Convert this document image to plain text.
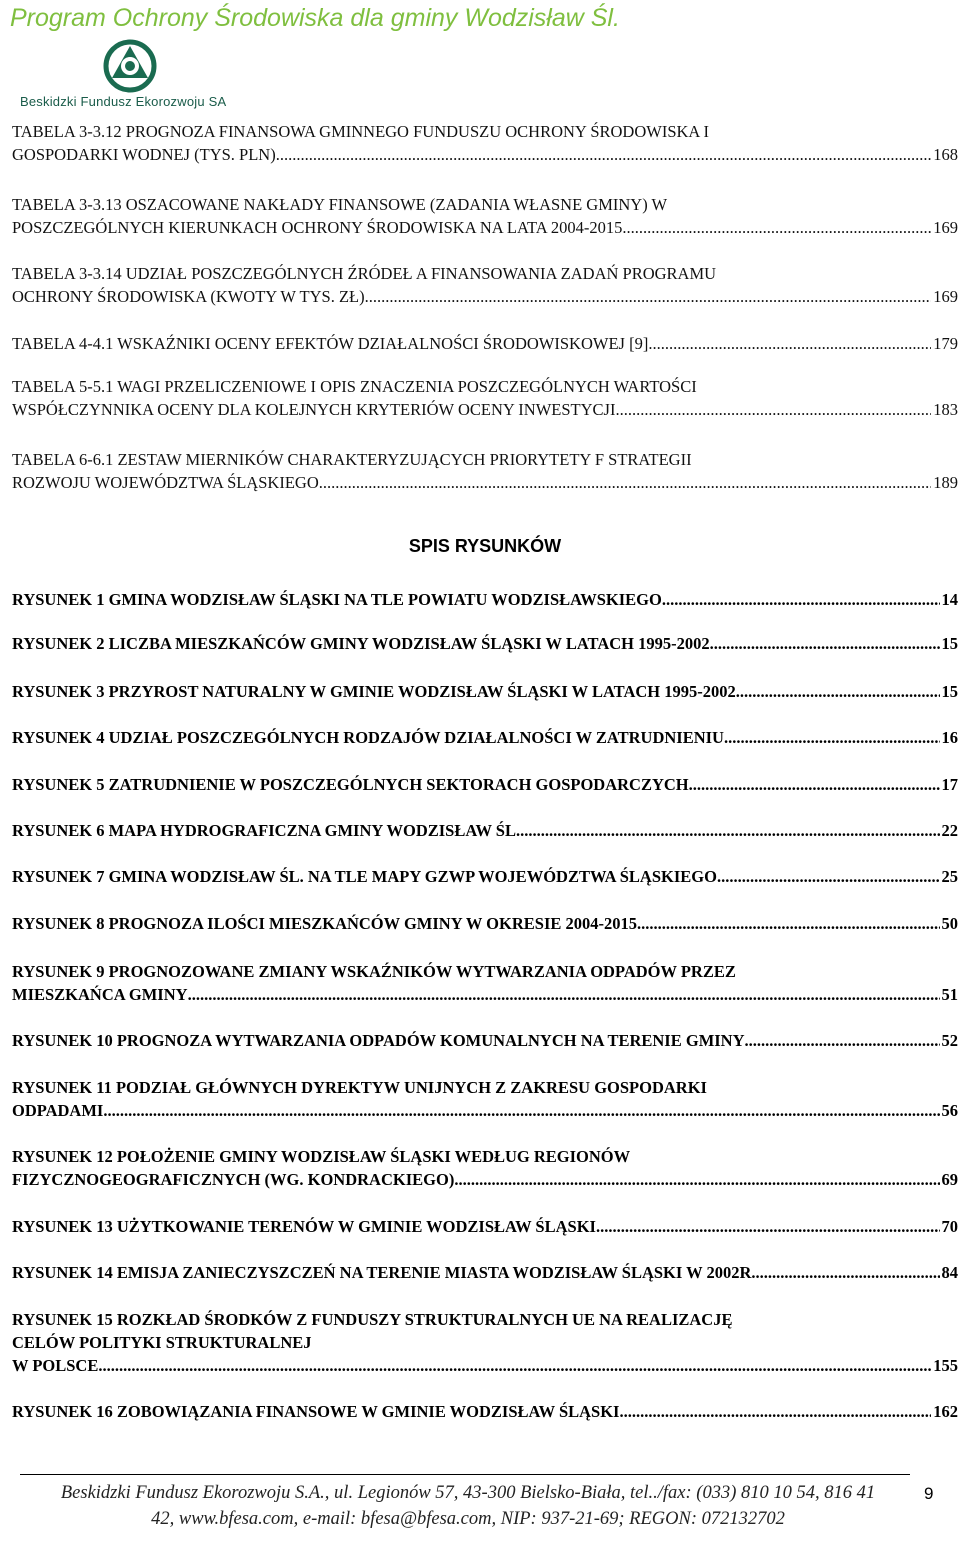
Program Ochrony Środowiska dla gminy Wodzisław Śl.
Beskidzki Fundusz Ekorozwoju SA
TABELA 3-3.12 PROGNOZA FINANSOWA GMINNEGO FUNDUSZU OCHRONY ŚRODOWISKA I
GOSPODARKI WODNEJ (TYS. PLN) .....	168
TABELA 3-3.13 OSZACOWANE NAKŁADY FINANSOWE (ZADANIA WŁASNE GMINY) W
POSZCZEGÓLNYCH KIERUNKACH OCHRONY ŚRODOWISKA NA LATA 2004-2015 .....	169
TABELA 3-3.14 UDZIAŁ POSZCZEGÓLNYCH ŹRÓDEŁ A FINANSOWANIA ZADAŃ PROGRAMU
OCHRONY ŚRODOWISKA (KWOTY W TYS. ZŁ) .....	169
TABELA 4-4.1 WSKAŹNIKI OCENY EFEKTÓW DZIAŁALNOŚCI ŚRODOWISKOWEJ [9] .....	179
TABELA 5-5.1 WAGI PRZELICZENIOWE I OPIS ZNACZENIA POSZCZEGÓLNYCH WARTOŚCI
WSPÓŁCZYNNIKA OCENY DLA KOLEJNYCH KRYTERIÓW OCENY INWESTYCJI .....	183
TABELA 6-6.1 ZESTAW MIERNIKÓW CHARAKTERYZUJĄCYCH PRIORYTETY F STRATEGII
ROZWOJU WOJEWÓDZTWA ŚLĄSKIEGO .....	189
SPIS RYSUNKÓW
RYSUNEK 1 GMINA WODZISŁAW ŚLĄSKI NA TLE POWIATU WODZISŁAWSKIEGO .....	14
RYSUNEK 2 LICZBA MIESZKAŃCÓW GMINY WODZISŁAW ŚLĄSKI W LATACH 1995-2002 .....	15
RYSUNEK 3 PRZYROST NATURALNY W GMINIE WODZISŁAW ŚLĄSKI W LATACH 1995-2002 .....	15
RYSUNEK 4 UDZIAŁ POSZCZEGÓLNYCH RODZAJÓW DZIAŁALNOŚCI W ZATRUDNIENIU .....	16
RYSUNEK 5 ZATRUDNIENIE W POSZCZEGÓLNYCH SEKTORACH GOSPODARCZYCH .....	17
RYSUNEK 6 MAPA HYDROGRAFICZNA GMINY WODZISŁAW ŚL .....	22
RYSUNEK 7 GMINA WODZISŁAW ŚL. NA TLE MAPY GZWP WOJEWÓDZTWA ŚLĄSKIEGO .....	25
RYSUNEK 8 PROGNOZA ILOŚCI MIESZKAŃCÓW GMINY W OKRESIE 2004-2015 .....	50
RYSUNEK 9 PROGNOZOWANE ZMIANY WSKAŹNIKÓW WYTWARZANIA ODPADÓW PRZEZ
MIESZKAŃCA GMINY .....	51
RYSUNEK 10 PROGNOZA WYTWARZANIA ODPADÓW KOMUNALNYCH NA TERENIE GMINY .....	52
RYSUNEK 11 PODZIAŁ GŁÓWNYCH DYREKTYW UNIJNYCH Z ZAKRESU GOSPODARKI
ODPADAMI .....	56
RYSUNEK 12 POŁOŻENIE GMINY WODZISŁAW ŚLĄSKI WEDŁUG REGIONÓW
FIZYCZNOGEOGRAFICZNYCH (WG. KONDRACKIEGO) .....	69
RYSUNEK 13 UŻYTKOWANIE TERENÓW W GMINIE WODZISŁAW ŚLĄSKI .....	70
RYSUNEK 14 EMISJA ZANIECZYSZCZEŃ NA TERENIE MIASTA WODZISŁAW ŚLĄSKI W 2002R. .....	84
RYSUNEK 15 ROZKŁAD ŚRODKÓW Z FUNDUSZY STRUKTURALNYCH UE NA REALIZACJĘ
CELÓW POLITYKI STRUKTURALNEJ
W POLSCE .....	155
RYSUNEK 16 ZOBOWIĄZANIA FINANSOWE W GMINIE WODZISŁAW ŚLĄSKI .....	162
Beskidzki Fundusz Ekorozwoju S.A., ul. Legionów 57, 43-300 Bielsko-Biała, tel../fax: (033) 810 10 54, 816 41
42, www.bfesa.com, e-mail: bfesa@bfesa.com, NIP: 937-21-69; REGON: 072132702
9
